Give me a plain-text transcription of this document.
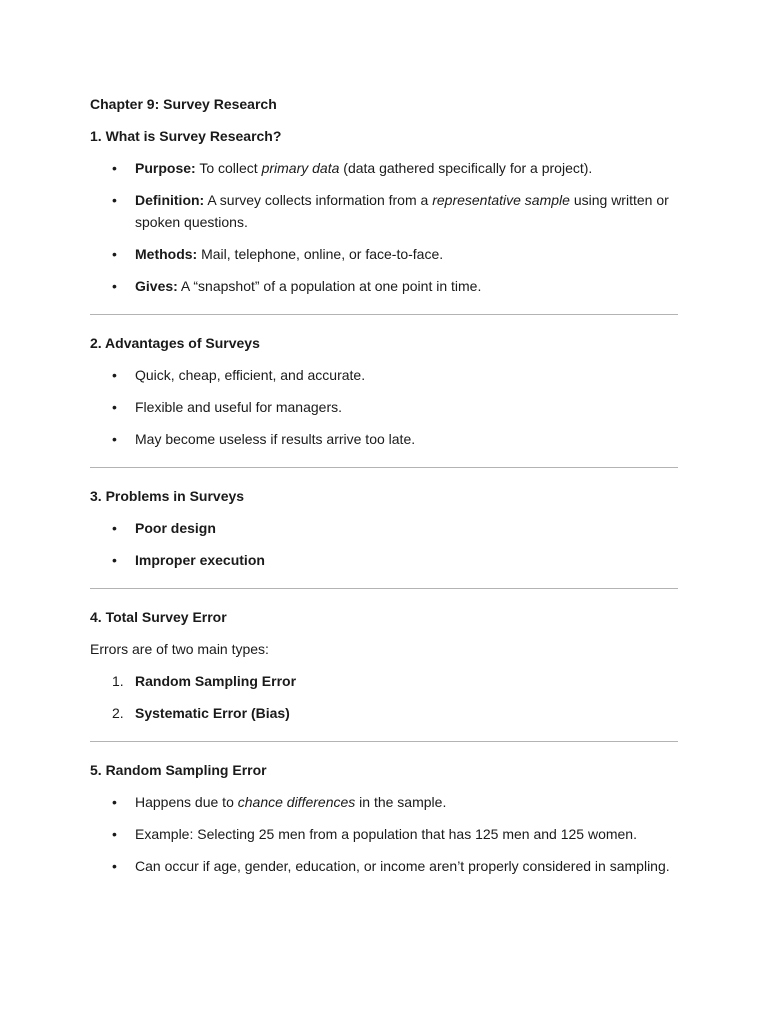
Chapter 9: Survey Research

1. What is Survey Research?

• Purpose: To collect primary data (data gathered specifically for a project).
• Definition: A survey collects information from a representative sample using written or spoken questions.
• Methods: Mail, telephone, online, or face-to-face.
• Gives: A “snapshot” of a population at one point in time.

2. Advantages of Surveys

• Quick, cheap, efficient, and accurate.
• Flexible and useful for managers.
• May become useless if results arrive too late.

3. Problems in Surveys

• Poor design
• Improper execution

4. Total Survey Error

Errors are of two main types:

1. Random Sampling Error
2. Systematic Error (Bias)

5. Random Sampling Error

• Happens due to chance differences in the sample.
• Example: Selecting 25 men from a population that has 125 men and 125 women.
• Can occur if age, gender, education, or income aren’t properly considered in sampling.
